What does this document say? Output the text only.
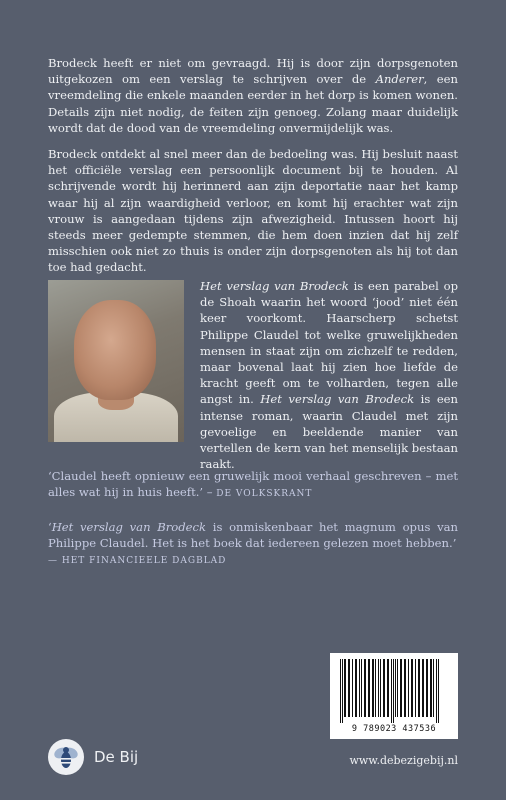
Brodeck heeft er niet om gevraagd. Hij is door zijn dorpsgenoten uitgekozen om een verslag te schrijven over de Anderer, een vreemdeling die enkele maanden eerder in het dorp is komen wonen. Details zijn niet nodig, de feiten zijn genoeg. Zolang maar duidelijk wordt dat de dood van de vreemdeling onvermijdelijk was.

Brodeck ontdekt al snel meer dan de bedoeling was. Hij besluit naast het officiële verslag een persoonlijk document bij te houden. Al schrijvende wordt hij herinnerd aan zijn deportatie naar het kamp waar hij al zijn waardigheid verloor, en komt hij erachter wat zijn vrouw is aangedaan tijdens zijn afwezigheid. Intussen hoort hij steeds meer gedempte stemmen, die hem doen inzien dat hij zelf misschien ook niet zo thuis is onder zijn dorpsgenoten als hij tot dan toe had gedacht.

Het verslag van Brodeck is een parabel op de Shoah waarin het woord ‘jood’ niet één keer voorkomt. Haarscherp schetst Philippe Claudel tot welke gruwelijkheden mensen in staat zijn om zichzelf te redden, maar bovenal laat hij zien hoe liefde de kracht geeft om te volharden, tegen alle angst in. Het verslag van Brodeck is een intense roman, waarin Claudel met zijn gevoelige en beeldende manier van vertellen de kern van het menselijk bestaan raakt.

‘Claudel heeft opnieuw een gruwelijk mooi verhaal geschreven – met alles wat hij in huis heeft.’ – DE VOLKSKRANT

‘Het verslag van Brodeck is onmiskenbaar het magnum opus van Philippe Claudel. Het is het boek dat iedereen gelezen moet hebben.’
— HET FINANCIEELE DAGBLAD

9 789023 437536
De Bij	www.debezigebij.nl
